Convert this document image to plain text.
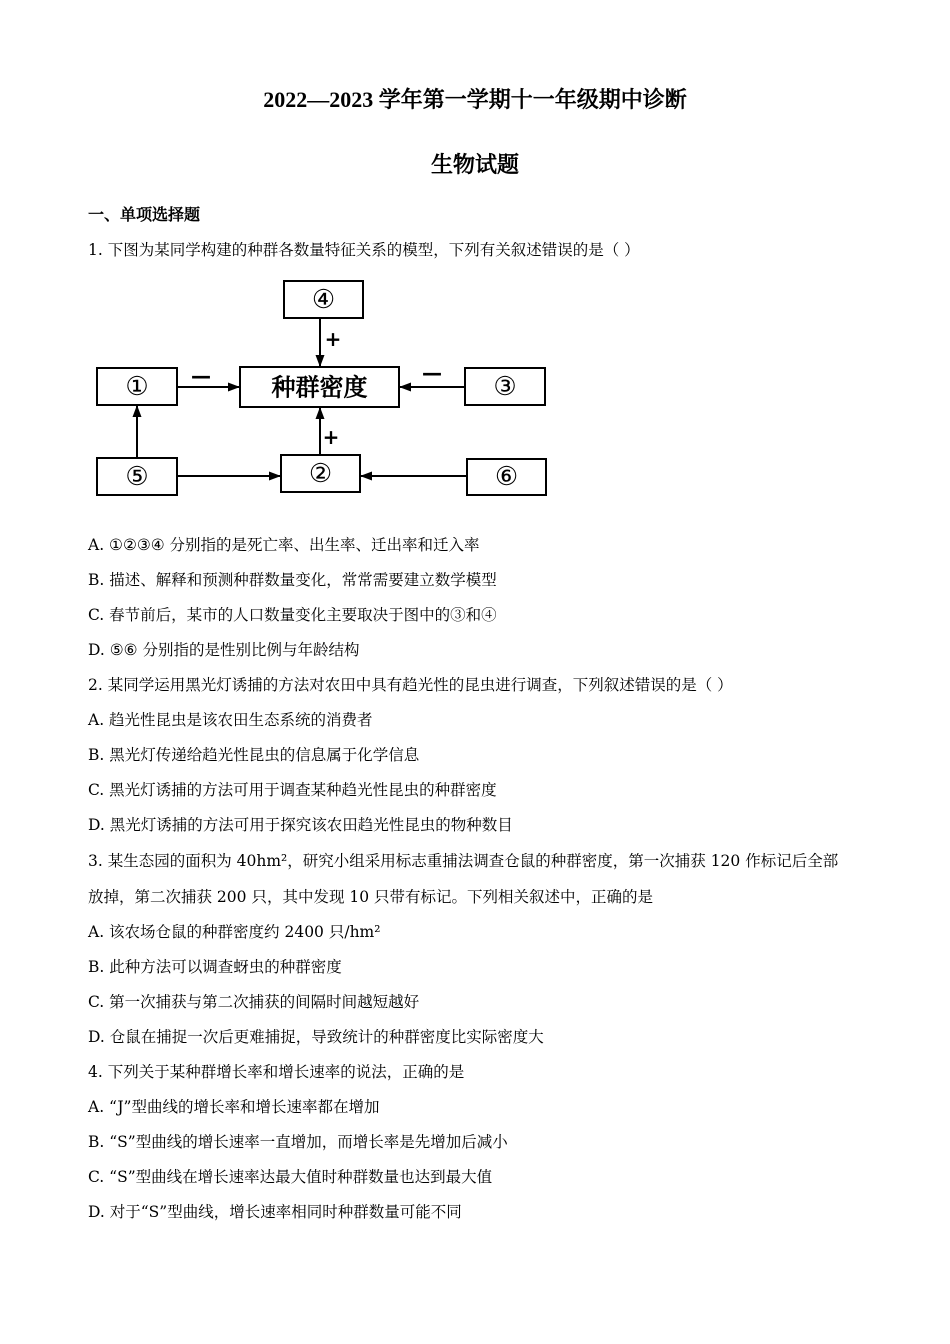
2022—2023 学年第一学期十一年级期中诊断
生物试题
一、单项选择题
1. 下图为某同学构建的种群各数量特征关系的模型，下列有关叙述错误的是（ ）
④
种群密度
①	③
⑤	②	⑥
+
—	—
+
A. ①②③④ 分别指的是死亡率、出生率、迁出率和迁入率
B. 描述、解释和预测种群数量变化，常常需要建立数学模型
C. 春节前后，某市的人口数量变化主要取决于图中的③和④
D. ⑤⑥ 分别指的是性别比例与年龄结构
2. 某同学运用黑光灯诱捕的方法对农田中具有趋光性的昆虫进行调查，下列叙述错误的是（ ）
A. 趋光性昆虫是该农田生态系统的消费者
B. 黑光灯传递给趋光性昆虫的信息属于化学信息
C. 黑光灯诱捕的方法可用于调查某种趋光性昆虫的种群密度
D. 黑光灯诱捕的方法可用于探究该农田趋光性昆虫的物种数目
3. 某生态园的面积为 40hm²，研究小组采用标志重捕法调查仓鼠的种群密度，第一次捕获 120 作标记后全部
放掉，第二次捕获 200 只，其中发现 10 只带有标记。下列相关叙述中，正确的是
A. 该农场仓鼠的种群密度约 2400 只/hm²
B. 此种方法可以调查蚜虫的种群密度
C. 第一次捕获与第二次捕获的间隔时间越短越好
D. 仓鼠在捕捉一次后更难捕捉，导致统计的种群密度比实际密度大
4. 下列关于某种群增长率和增长速率的说法，正确的是
A. “J”型曲线的增长率和增长速率都在增加
B. “S”型曲线的增长速率一直增加，而增长率是先增加后减小
C. “S”型曲线在增长速率达最大值时种群数量也达到最大值
D. 对于“S”型曲线，增长速率相同时种群数量可能不同
